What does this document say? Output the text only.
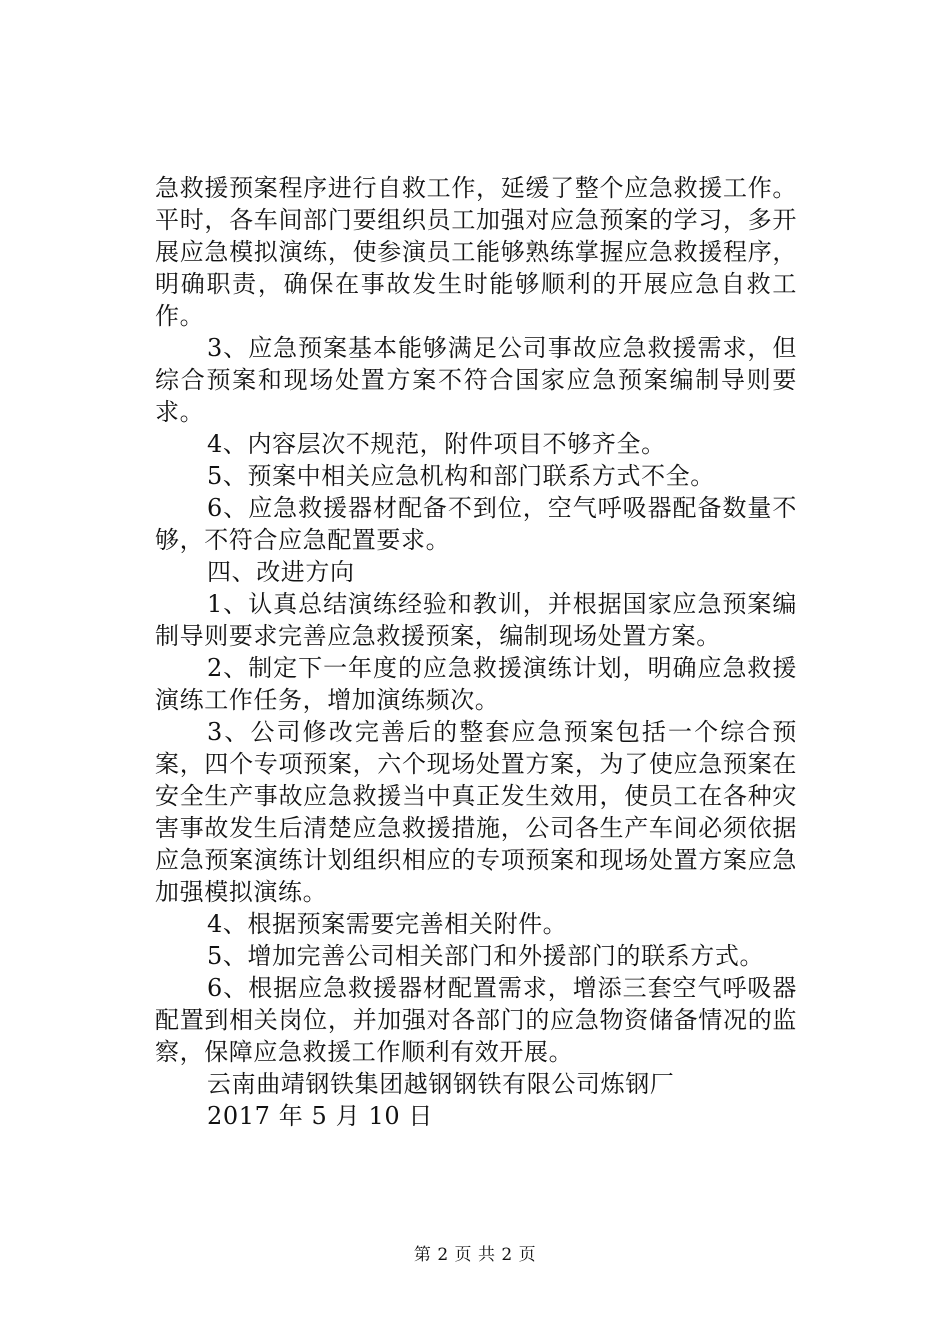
急救援预案程序进行自救工作，延缓了整个应急救援工作。平时，各车间部门要组织员工加强对应急预案的学习，多开展应急模拟演练，使参演员工能够熟练掌握应急救援程序，明确职责，确保在事故发生时能够顺利的开展应急自救工作。

3、应急预案基本能够满足公司事故应急救援需求，但综合预案和现场处置方案不符合国家应急预案编制导则要求。

4、内容层次不规范，附件项目不够齐全。

5、预案中相关应急机构和部门联系方式不全。

6、应急救援器材配备不到位，空气呼吸器配备数量不够，不符合应急配置要求。

四、改进方向

1、认真总结演练经验和教训，并根据国家应急预案编制导则要求完善应急救援预案，编制现场处置方案。

2、制定下一年度的应急救援演练计划，明确应急救援演练工作任务，增加演练频次。

3、公司修改完善后的整套应急预案包括一个综合预案，四个专项预案，六个现场处置方案，为了使应急预案在安全生产事故应急救援当中真正发生效用，使员工在各种灾害事故发生后清楚应急救援措施，公司各生产车间必须依据应急预案演练计划组织相应的专项预案和现场处置方案应急加强模拟演练。

4、根据预案需要完善相关附件。

5、增加完善公司相关部门和外援部门的联系方式。

6、根据应急救援器材配置需求，增添三套空气呼吸器配置到相关岗位，并加强对各部门的应急物资储备情况的监察，保障应急救援工作顺利有效开展。

云南曲靖钢铁集团越钢钢铁有限公司炼钢厂

2017 年 5 月 10 日

第 2 页 共 2 页
